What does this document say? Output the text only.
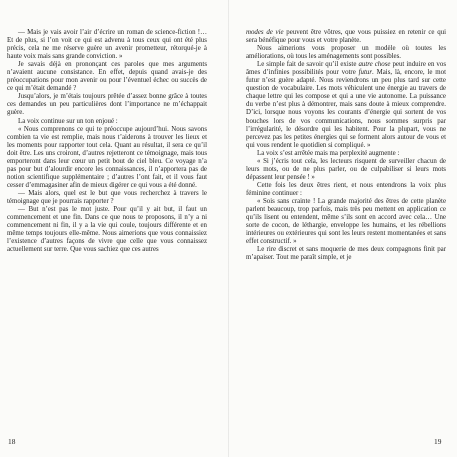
— Mais je vais avoir l’air d’écrire un roman de science-fiction !… Et de plus, si l’on voit ce qui est advenu à tous ceux qui ont été plus précis, cela ne me réserve guère un avenir prometteur, rétorqué-je à haute voix mais sans grande conviction. »

Je savais déjà en prononçant ces paroles que mes arguments n’avaient aucune consistance. En effet, depuis quand avais-je des préoccupations pour mon avenir ou pour l’éventuel échec ou succès de ce qui m’était demandé ?

Jusqu’alors, je m’étais toujours prêtée d’assez bonne grâce à toutes ces demandes un peu particulières dont l’importance ne m’échappait guère.

La voix continue sur un ton enjoué :

« Nous comprenons ce qui te préoccupe aujourd’hui. Nous savons combien ta vie est remplie, mais nous t’aiderons à trouver les lieux et les moments pour rapporter tout cela. Quant au résultat, il sera ce qu’il doit être. Les uns croiront, d’autres rejetteront ce témoignage, mais tous emporteront dans leur cœur un petit bout de ciel bleu. Ce voyage n’a pas pour but d’alourdir encore les connaissances, il n’apportera pas de notion scientifique supplémentaire ; d’autres l’ont fait, et il vous faut cesser d’emmagasiner afin de mieux digérer ce qui vous a été donné.

— Mais alors, quel est le but que vous recherchez à travers le témoignage que je pourrais rapporter ?

— But n’est pas le mot juste. Pour qu’il y ait but, il faut un commencement et une fin. Dans ce que nous te proposons, il n’y a ni commencement ni fin, il y a la vie qui coule, toujours différente et en même temps toujours elle-même. Nous aimerions que vous connaissiez l’existence d’autres façons de vivre que celle que vous connaissez actuellement sur terre. Que vous sachiez que ces autres

18

modes de vie peuvent être vôtres, que vous puissiez en retenir ce qui sera bénéfique pour vous et votre planète.

Nous aimerions vous proposer un modèle où toutes les améliorations, où tous les aménagements sont possibles.

Le simple fait de savoir qu’il existe autre chose peut induire en vos âmes d’infinies possibilités pour votre futur. Mais, là, encore, le mot futur n’est guère adapté. Nous reviendrons un peu plus tard sur cette question de vocabulaire. Les mots véhiculent une énergie au travers de chaque lettre qui les compose et qui a une vie autonome. La puissance du verbe n’est plus à démontrer, mais sans doute à mieux comprendre. D’ici, lorsque nous voyons les courants d’énergie qui sortent de vos bouches lors de vos communications, nous sommes surpris par l’irrégularité, le désordre qui les habitent. Pour la plupart, vous ne percevez pas les petites énergies qui se forment alors autour de vous et qui vous rendent le quotidien si compliqué. »

La voix s’est arrêtée mais ma perplexité augmente :

« Si j’écris tout cela, les lecteurs risquent de surveiller chacun de leurs mots, ou de ne plus parler, ou de culpabiliser si leurs mots dépassent leur pensée ! »

Cette fois les deux êtres rient, et nous entendrons la voix plus féminine continuer :

« Sois sans crainte ! La grande majorité des êtres de cette planète parlent beaucoup, trop parfois, mais très peu mettent en application ce qu’ils lisent ou entendent, même s’ils sont en accord avec cela… Une sorte de cocon, de léthargie, enveloppe les humains, et les rébellions intérieures ou extérieures qui sont les leurs restent momentanées et sans effet constructif. »

Le rire discret et sans moquerie de mes deux compagnons finit par m’apaiser. Tout me paraît simple, et je

19
